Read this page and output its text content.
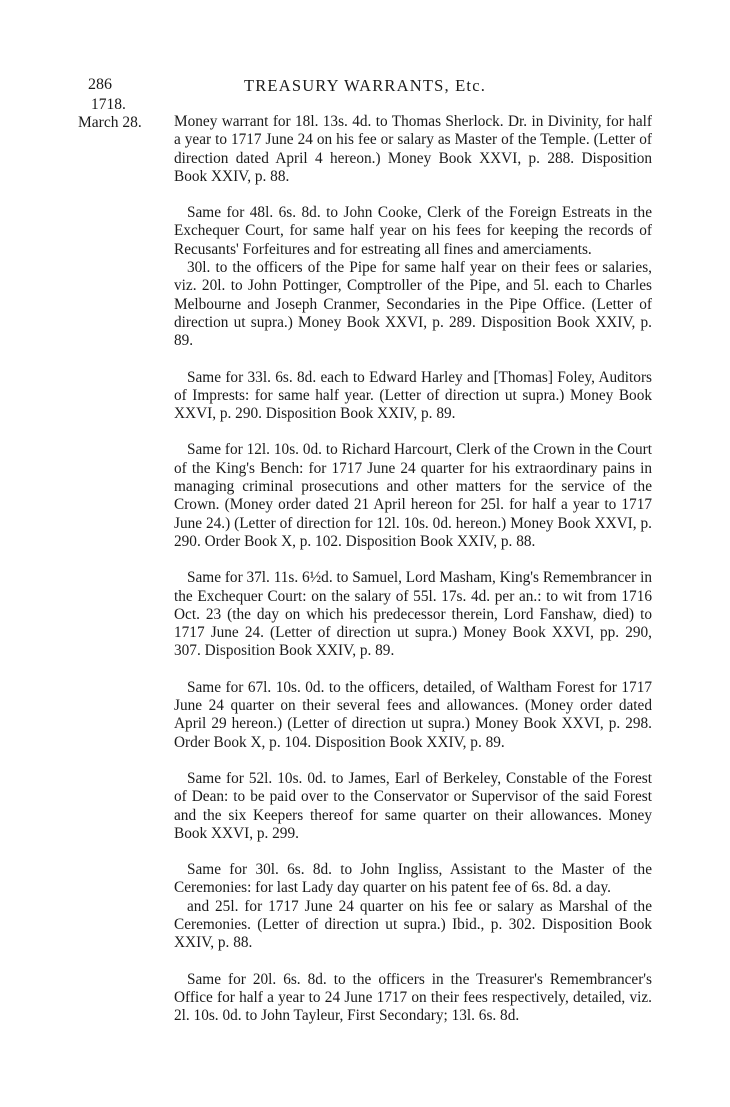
286	TREASURY WARRANTS, Etc.
1718.
March 28. Money warrant for 18l. 13s. 4d. to Thomas Sherlock. Dr. in Divinity, for half a year to 1717 June 24 on his fee or salary as Master of the Temple. (Letter of direction dated April 4 hereon.) Money Book XXVI, p. 288. Disposition Book XXIV, p. 88.

Same for 48l. 6s. 8d. to John Cooke, Clerk of the Foreign Estreats in the Exchequer Court, for same half year on his fees for keeping the records of Recusants' Forfeitures and for estreating all fines and amerciaments.

30l. to the officers of the Pipe for same half year on their fees or salaries, viz. 20l. to John Pottinger, Comptroller of the Pipe, and 5l. each to Charles Melbourne and Joseph Cranmer, Secondaries in the Pipe Office. (Letter of direction ut supra.) Money Book XXVI, p. 289. Disposition Book XXIV, p. 89.

Same for 33l. 6s. 8d. each to Edward Harley and [Thomas] Foley, Auditors of Imprests: for same half year. (Letter of direction ut supra.) Money Book XXVI, p. 290. Disposition Book XXIV, p. 89.

Same for 12l. 10s. 0d. to Richard Harcourt, Clerk of the Crown in the Court of the King's Bench: for 1717 June 24 quarter for his extraordinary pains in managing criminal prosecutions and other matters for the service of the Crown. (Money order dated 21 April hereon for 25l. for half a year to 1717 June 24.) (Letter of direction for 12l. 10s. 0d. hereon.) Money Book XXVI, p. 290. Order Book X, p. 102. Disposition Book XXIV, p. 88.

Same for 37l. 11s. 6½d. to Samuel, Lord Masham, King's Remembrancer in the Exchequer Court: on the salary of 55l. 17s. 4d. per an.: to wit from 1716 Oct. 23 (the day on which his predecessor therein, Lord Fanshaw, died) to 1717 June 24. (Letter of direction ut supra.) Money Book XXVI, pp. 290, 307. Disposition Book XXIV, p. 89.

Same for 67l. 10s. 0d. to the officers, detailed, of Waltham Forest for 1717 June 24 quarter on their several fees and allowances. (Money order dated April 29 hereon.) (Letter of direction ut supra.) Money Book XXVI, p. 298. Order Book X, p. 104. Disposition Book XXIV, p. 89.

Same for 52l. 10s. 0d. to James, Earl of Berkeley, Constable of the Forest of Dean: to be paid over to the Conservator or Supervisor of the said Forest and the six Keepers thereof for same quarter on their allowances. Money Book XXVI, p. 299.

Same for 30l. 6s. 8d. to John Ingliss, Assistant to the Master of the Ceremonies: for last Lady day quarter on his patent fee of 6s. 8d. a day.

and 25l. for 1717 June 24 quarter on his fee or salary as Marshal of the Ceremonies. (Letter of direction ut supra.) Ibid., p. 302. Disposition Book XXIV, p. 88.

Same for 20l. 6s. 8d. to the officers in the Treasurer's Remembrancer's Office for half a year to 24 June 1717 on their fees respectively, detailed, viz. 2l. 10s. 0d. to John Tayleur, First Secondary; 13l. 6s. 8d.
